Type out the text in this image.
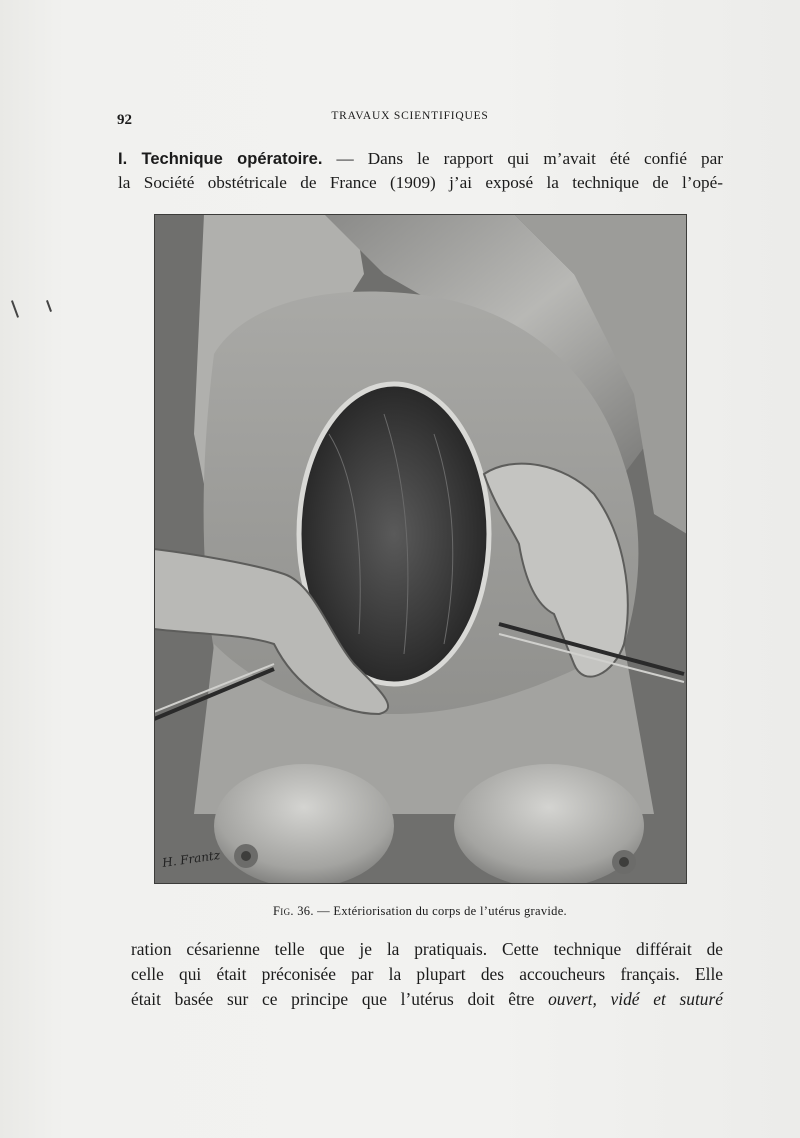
92	TRAVAUX SCIENTIFIQUES

I. Technique opératoire. — Dans le rapport qui m’avait été confié par
la Société obstétricale de France (1909) j’ai exposé la technique de l’opé-

H. Frantz
Fig. 36. — Extériorisation du corps de l’utérus gravide.

ration césarienne telle que je la pratiquais. Cette technique différait de
celle qui était préconisée par la plupart des accoucheurs français. Elle
était basée sur ce principe que l’utérus doit être ouvert, vidé et suturé
